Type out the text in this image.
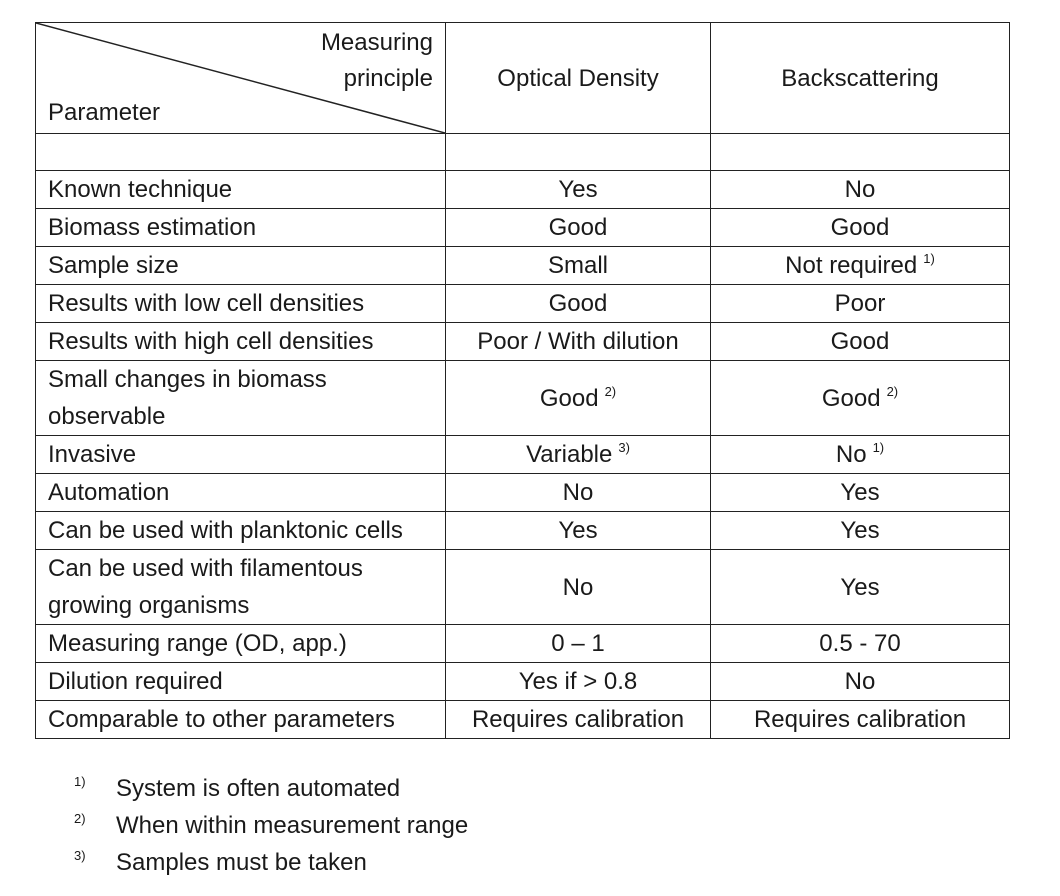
Measuring
principle
Parameter	Optical Density	Backscattering

Known technique	Yes	No
Biomass estimation	Good	Good
Sample size	Small	Not required $^{1)}$
Results with low cell densities	Good	Poor
Results with high cell densities	Poor / With dilution	Good
Small changes in biomass observable	Good $^{2)}$	Good $^{2)}$
Invasive	Variable $^{3)}$	No $^{1)}$
Automation	No	Yes
Can be used with planktonic cells	Yes	Yes
Can be used with filamentous growing organisms	No	Yes
Measuring range (OD, app.)	0 – 1	0.5 - 70
Dilution required	Yes if > 0.8	No
Comparable to other parameters	Requires calibration	Requires calibration
1)	System is often automated
2)	When within measurement range
3)	Samples must be taken
